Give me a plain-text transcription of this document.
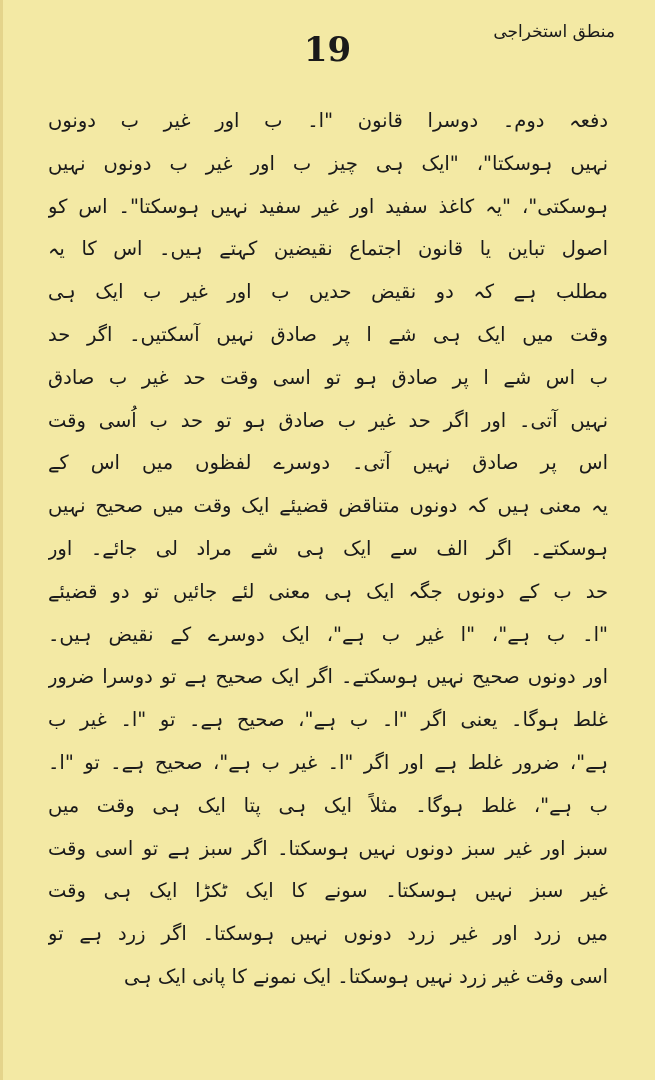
منطق استخراجی
19
دفعہ دوم۔ دوسرا قانون "ا۔ ب اور غیر ب دونوں
نہیں ہوسکتا"، "ایک ہی چیز ب اور غیر ب دونوں نہیں
ہوسکتی"، "یہ کاغذ سفید اور غیر سفید نہیں ہوسکتا"۔ اس کو
اصول تباین یا قانون اجتماع نقیضین کہتے ہیں۔ اس کا یہ
مطلب ہے کہ دو نقیض حدیں ب اور غیر ب ایک ہی
وقت میں ایک ہی شے ا پر صادق نہیں آسکتیں۔ اگر حد
ب اس شے ا پر صادق ہو تو اسی وقت حد غیر ب صادق
نہیں آتی۔ اور اگر حد غیر ب صادق ہو تو حد ب اُسی وقت
اس پر صادق نہیں آتی۔ دوسرے لفظوں میں اس کے
یہ معنی ہیں کہ دونوں متناقض قضیئے ایک وقت میں صحیح نہیں
ہوسکتے۔ اگر الف سے ایک ہی شے مراد لی جائے۔ اور
حد ب کے دونوں جگہ ایک ہی معنی لئے جائیں تو دو قضیئے
"ا۔ ب ہے"، "ا غیر ب ہے"، ایک دوسرے کے نقیض ہیں۔
اور دونوں صحیح نہیں ہوسکتے۔ اگر ایک صحیح ہے تو دوسرا ضرور
غلط ہوگا۔ یعنی اگر "ا۔ ب ہے"، صحیح ہے۔ تو "ا۔ غیر ب
ہے"، ضرور غلط ہے اور اگر "ا۔ غیر ب ہے"، صحیح ہے۔ تو "ا۔
ب ہے"، غلط ہوگا۔ مثلاً ایک ہی پتا ایک ہی وقت میں
سبز اور غیر سبز دونوں نہیں ہوسکتا۔ اگر سبز ہے تو اسی وقت
غیر سبز نہیں ہوسکتا۔ سونے کا ایک ٹکڑا ایک ہی وقت
میں زرد اور غیر زرد دونوں نہیں ہوسکتا۔ اگر زرد ہے تو
اسی وقت غیر زرد نہیں ہوسکتا۔ ایک نمونے کا پانی ایک ہی
